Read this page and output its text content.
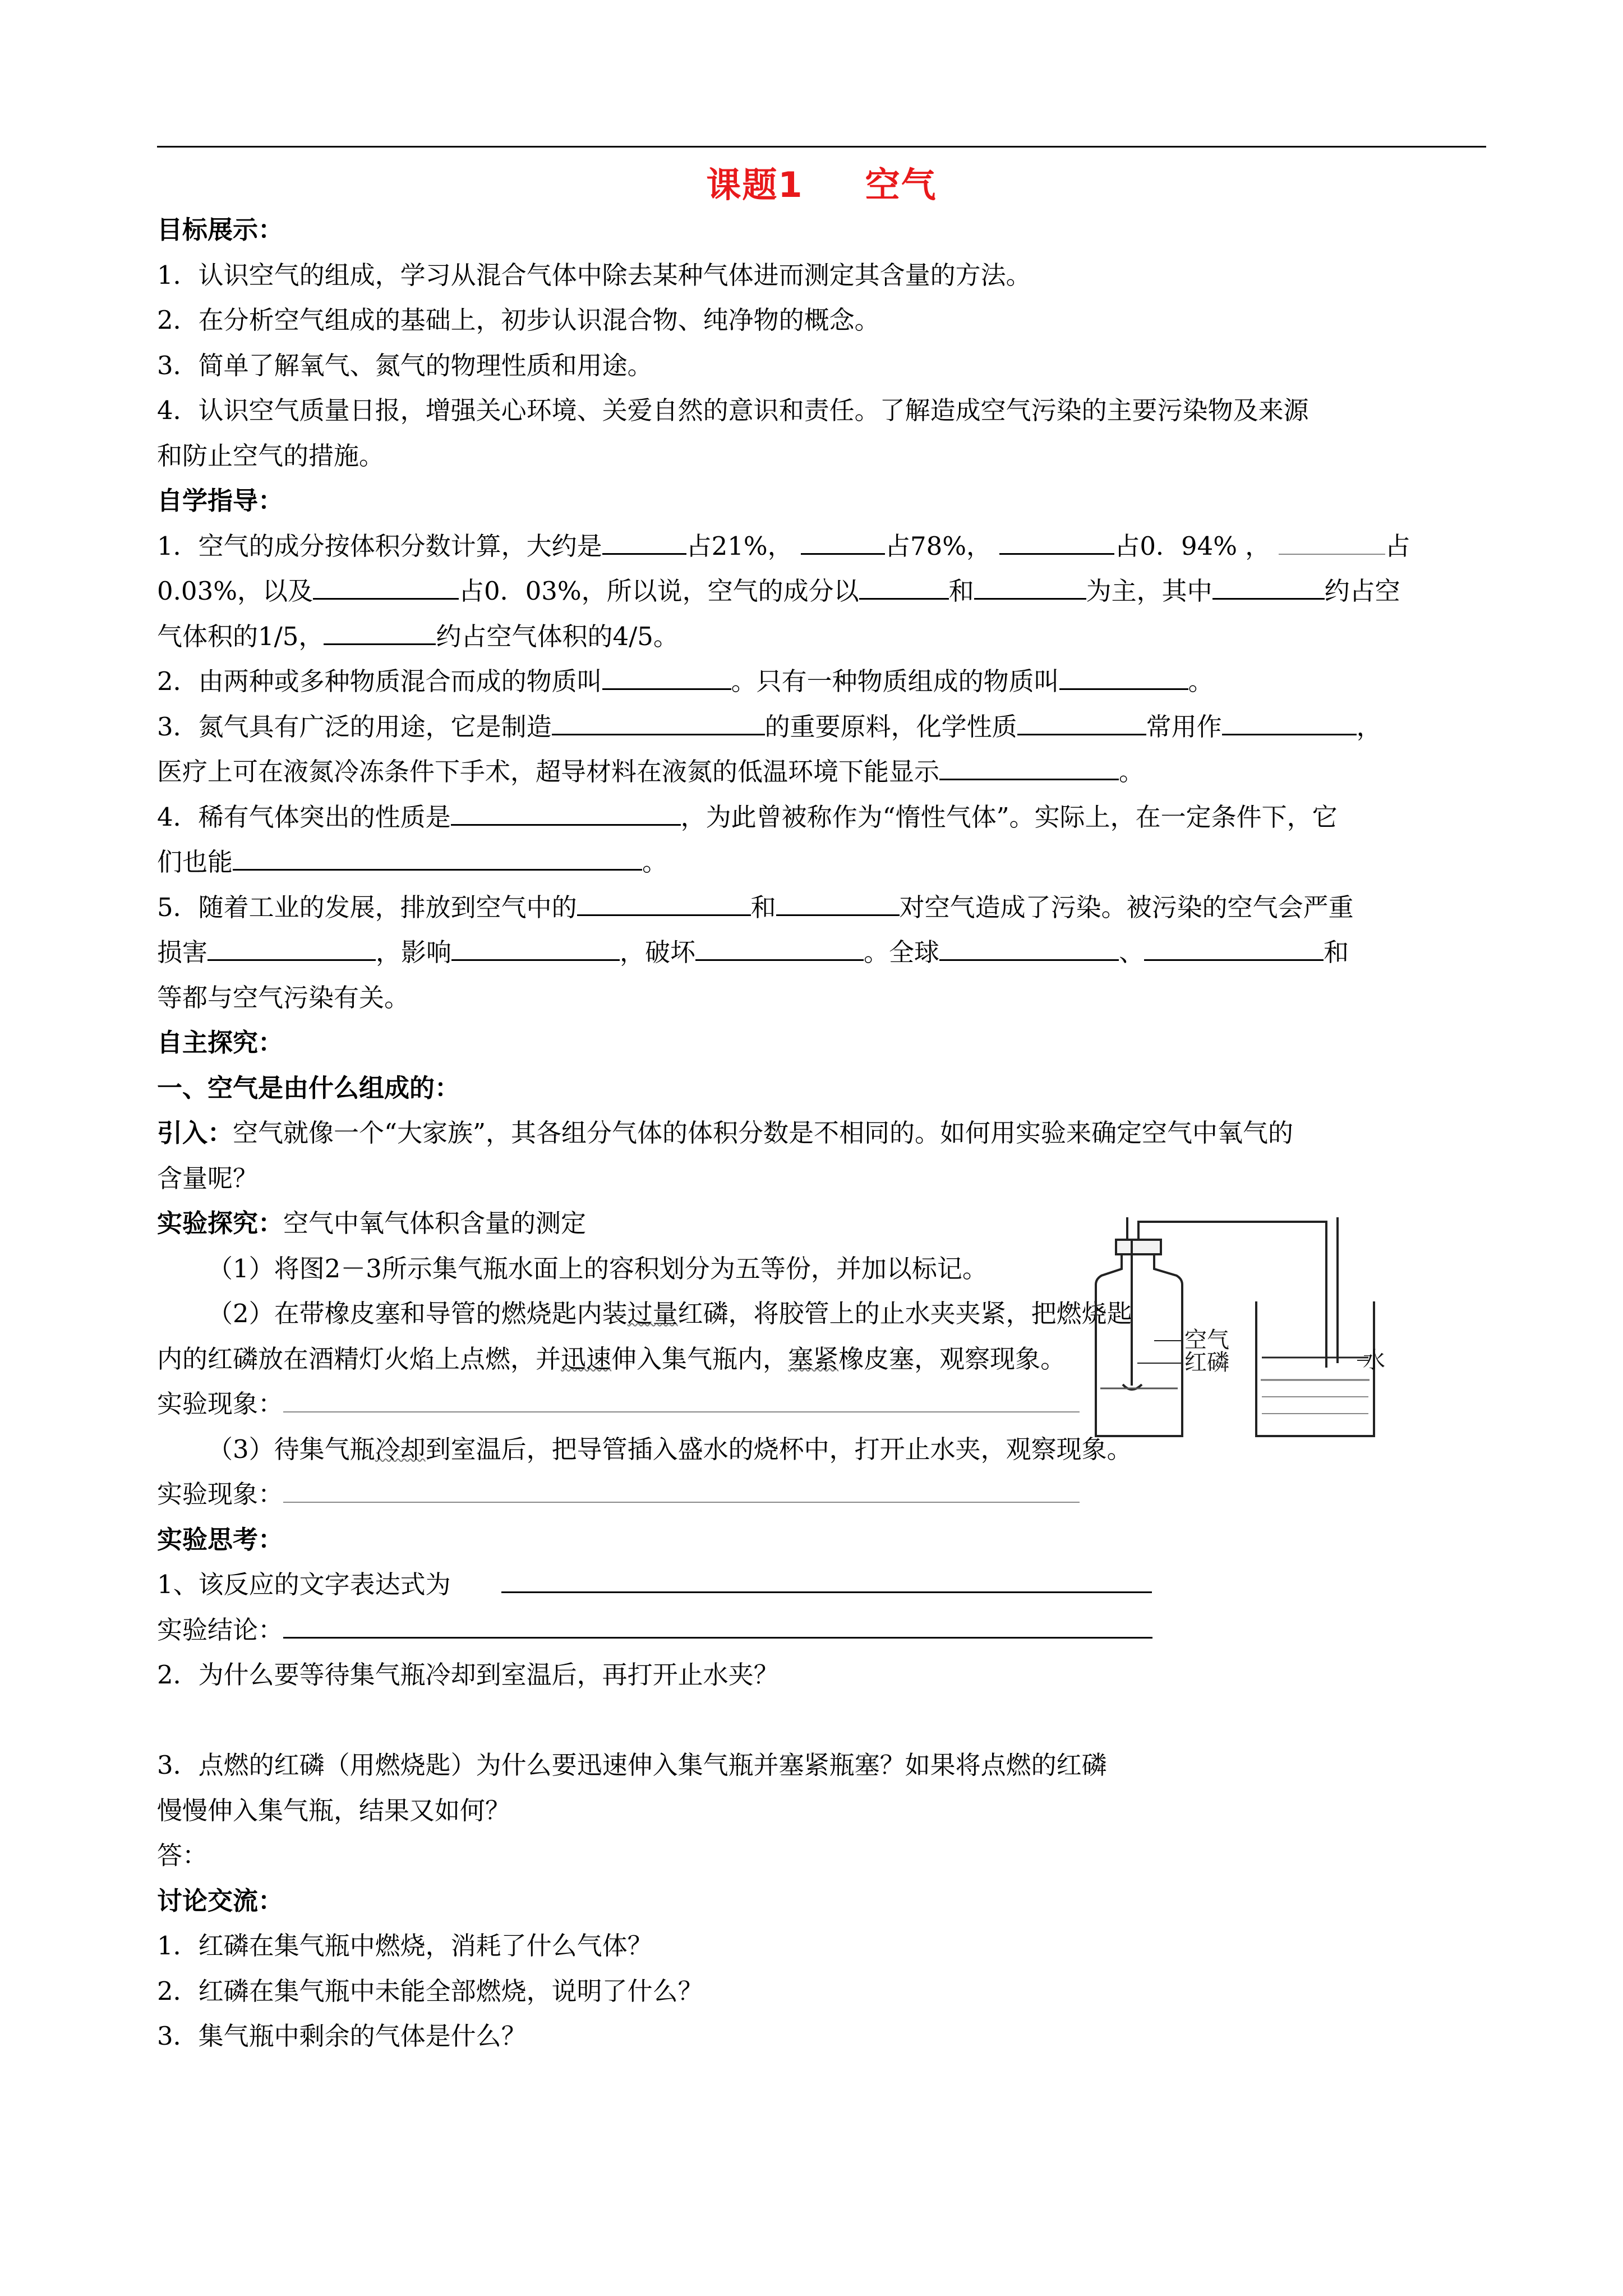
课题1 空气
目标展示：
1．认识空气的组成，学习从混合气体中除去某种气体进而测定其含量的方法。
2．在分析空气组成的基础上，初步认识混合物、纯净物的概念。
3．简单了解氧气、氮气的物理性质和用途。
4．认识空气质量日报，增强关心环境、关爱自然的意识和责任。了解造成空气污染的主要污染物及来源
和防止空气的措施。
自学指导：
1．空气的成分按体积分数计算，大约是	占21%，	占78%，	占0．94% ，	占
0.03%，以及	占0．03%，所以说，空气的成分以	和	为主，其中	约占空
气体积的1/5，	约占空气体积的4/5。
2．由两种或多种物质混合而成的物质叫	。只有一种物质组成的物质叫	。
3．氮气具有广泛的用途，它是制造	的重要原料，化学性质	常用作	，
医疗上可在液氮冷冻条件下手术，超导材料在液氮的低温环境下能显示	。
4．稀有气体突出的性质是	，为此曾被称作为“惰性气体”。实际上，在一定条件下，它
们也能	。
5．随着工业的发展，排放到空气中的	和	对空气造成了污染。被污染的空气会严重
损害	，影响	，破坏	。全球	、	和
等都与空气污染有关。
自主探究：
一、空气是由什么组成的：
引入：空气就像一个“大家族”，其各组分气体的体积分数是不相同的。如何用实验来确定空气中氧气的
含量呢？
实验探究：空气中氧气体积含量的测定
（1）将图2－3所示集气瓶水面上的容积划分为五等份，并加以标记。
（2）在带橡皮塞和导管的燃烧匙内装过量红磷，将胶管上的止水夹夹紧，把燃烧匙
内的红磷放在酒精灯火焰上点燃，并迅速伸入集气瓶内，塞紧橡皮塞，观察现象。
实验现象：
（3）待集气瓶冷却到室温后，把导管插入盛水的烧杯中，打开止水夹，观察现象。
实验现象：
实验思考：
1、该反应的文字表达式为
实验结论：
2．为什么要等待集气瓶冷却到室温后，再打开止水夹？
3．点燃的红磷（用燃烧匙）为什么要迅速伸入集气瓶并塞紧瓶塞？如果将点燃的红磷
慢慢伸入集气瓶，结果又如何？
答：
讨论交流：
1．红磷在集气瓶中燃烧，消耗了什么气体？
2．红磷在集气瓶中未能全部燃烧，说明了什么？
3．集气瓶中剩余的气体是什么？
空气
红磷	水
